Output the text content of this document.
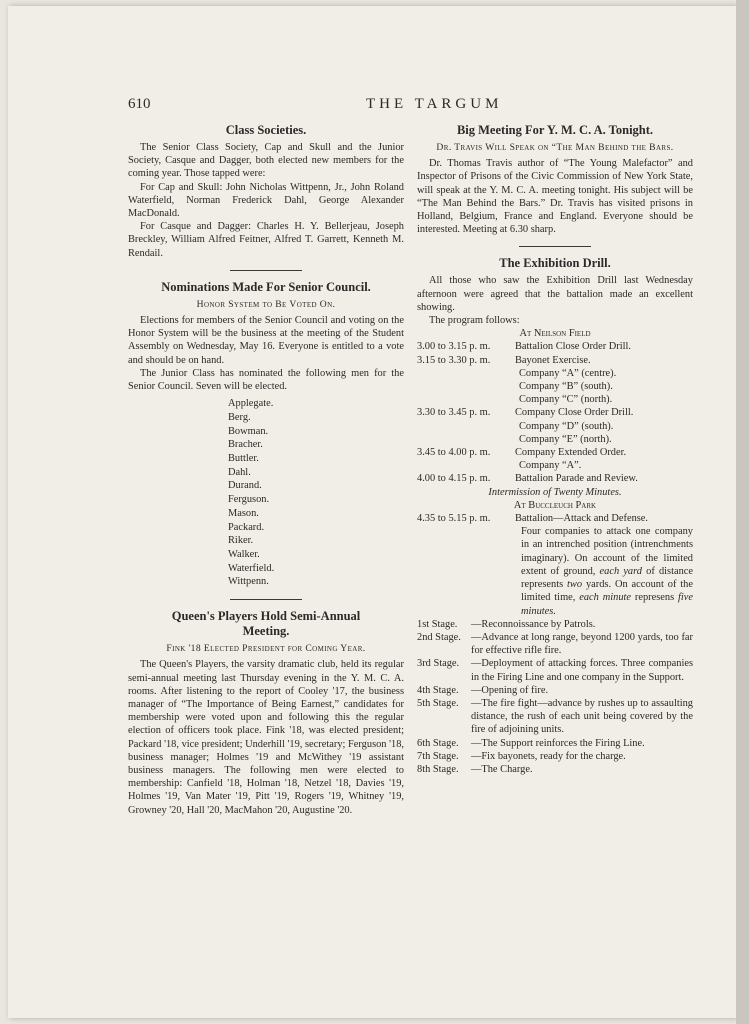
610	THE TARGUM
Class Societies.

The Senior Class Society, Cap and Skull and the Junior Society, Casque and Dagger, both elected new members for the coming year. Those tapped were:

For Cap and Skull: John Nicholas Wittpenn, Jr., John Roland Waterfield, Norman Frederick Dahl, George Alexander MacDonald.

For Casque and Dagger: Charles H. Y. Bellerjeau, Joseph Breckley, William Alfred Feitner, Alfred T. Garrett, Kenneth M. Rendail.

Nominations Made For Senior Council.
Honor System to Be Voted On.

Elections for members of the Senior Council and voting on the Honor System will be the business at the meeting of the Student Assembly on Wednesday, May 16. Everyone is entitled to a vote and should be on hand.

The Junior Class has nominated the following men for the Senior Council. Seven will be elected.

Applegate.
Berg.
Bowman.
Bracher.
Buttler.
Dahl.
Durand.
Ferguson.
Mason.
Packard.
Riker.
Walker.
Waterfield.
Wittpenn.
Queen's Players Hold Semi-Annual
Meeting.
Fink '18 Elected President for Coming Year.

The Queen's Players, the varsity dramatic club, held its regular semi-annual meeting last Thursday evening in the Y. M. C. A. rooms. After listening to the report of Cooley '17, the business manager of “The Importance of Being Earnest,” candidates for membership were voted upon and following this the regular election of officers took place. Fink '18, was elected president; Packard '18, vice president; Underhill '19, secretary; Ferguson '18, business manager; Holmes '19 and McWithey '19 assistant business managers. The following men were elected to membership: Canfield '18, Holman '18, Netzel '18, Davies '19, Holmes '19, Van Mater '19, Pitt '19, Rogers '19, Whitney '19, Growney '20, Hall '20, MacMahon '20, Augustine '20.

Big Meeting For Y. M. C. A. Tonight.
Dr. Travis Will Speak on “The Man Behind the Bars.

Dr. Thomas Travis author of “The Young Malefactor” and Inspector of Prisons of the Civic Commission of New York State, will speak at the Y. M. C. A. meeting tonight. His subject will be “The Man Behind the Bars.” Dr. Travis has visited prisons in Holland, Belgium, France and England. Everyone should be interested. Meeting at 6.30 sharp.

The Exhibition Drill.

All those who saw the Exhibition Drill last Wednesday afternoon were agreed that the battalion made an excellent showing.

The program follows:

At Neilson Field
3.00 to 3.15 p. m.	Battalion Close Order Drill.
3.15 to 3.30 p. m.	Bayonet Exercise.
Company “A” (centre).
Company “B” (south).
Company “C” (north).
3.30 to 3.45 p. m.	Company Close Order Drill.
Company “D” (south).
Company “E” (north).
3.45 to 4.00 p. m.	Company Extended Order.
Company “A”.
4.00 to 4.15 p. m.	Battalion Parade and Review.
Intermission of Twenty Minutes.
At Buccleuch Park
4.35 to 5.15 p. m.	Battalion—Attack and Defense.
Four companies to attack one company in an intrenched position (intrenchments imaginary). On account of the limited extent of ground, each yard of distance represents two yards. On account of the limited time, each minute represens five minutes.
1st Stage.	—Reconnoissance by Patrols.
2nd Stage. —Advance at long range, beyond 1200 yards, too far for effective rifle fire.
3rd Stage.	—Deployment of attacking forces. Three companies in the Firing Line and one company in the Support.
4th Stage.	—Opening of fire.
5th Stage.	—The fire fight—advance by rushes up to assaulting distance, the rush of each unit being covered by the fire of adjoining units.
6th Stage.	—The Support reinforces the Firing Line.
7th Stage.	—Fix bayonets, ready for the charge.
8th Stage.	—The Charge.
